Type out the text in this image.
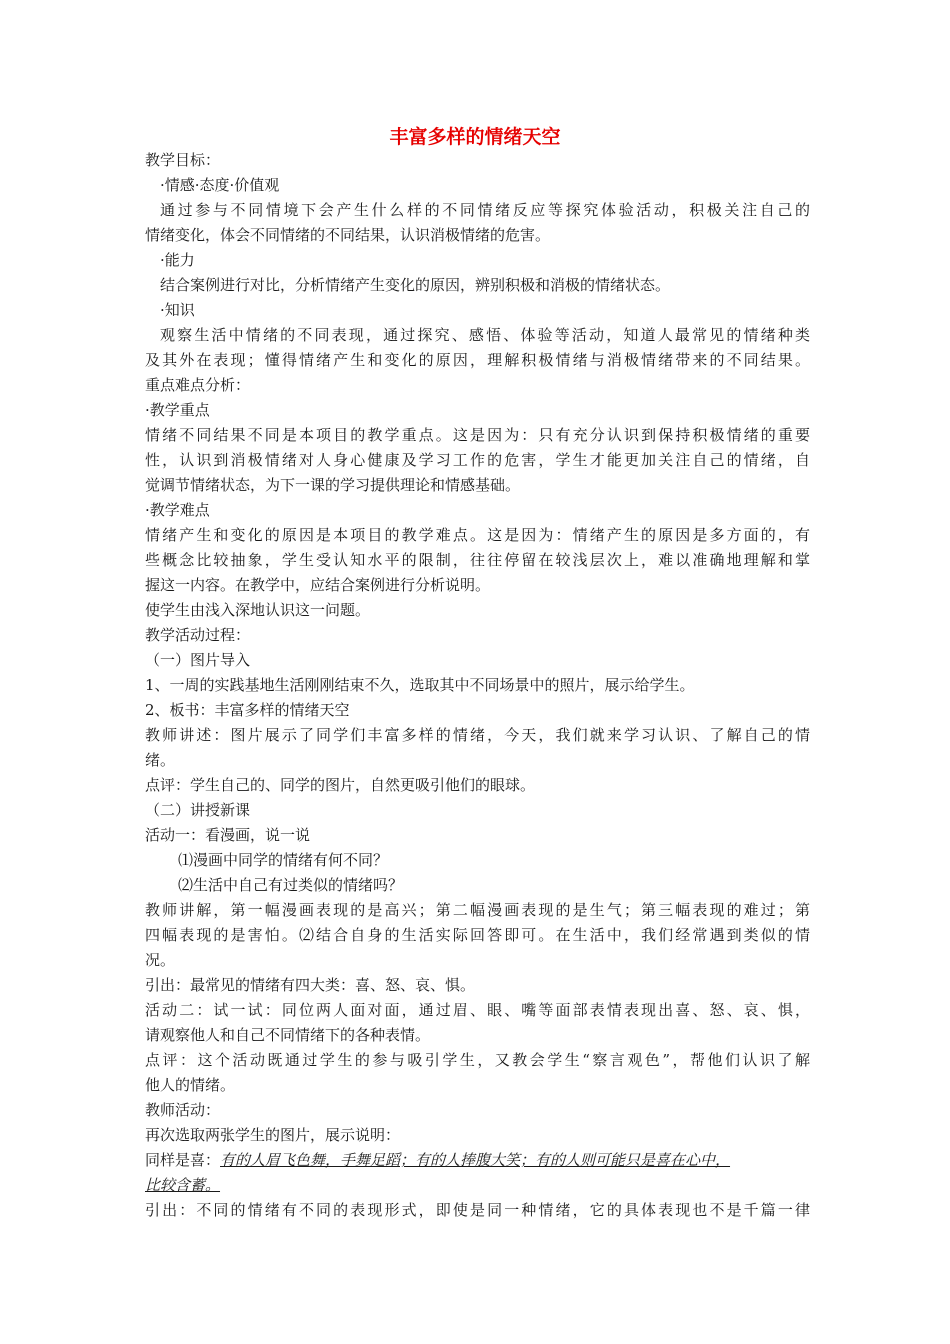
丰富多样的情绪天空
教学目标：
·情感·态度·价值观
通过参与不同情境下会产生什么样的不同情绪反应等探究体验活动，积极关注自己的
情绪变化，体会不同情绪的不同结果，认识消极情绪的危害。
·能力
结合案例进行对比，分析情绪产生变化的原因，辨别积极和消极的情绪状态。
·知识
观察生活中情绪的不同表现，通过探究、感悟、体验等活动，知道人最常见的情绪种类
及其外在表现；懂得情绪产生和变化的原因，理解积极情绪与消极情绪带来的不同结果。
重点难点分析：
·教学重点
情绪不同结果不同是本项目的教学重点。这是因为：只有充分认识到保持积极情绪的重要
性，认识到消极情绪对人身心健康及学习工作的危害，学生才能更加关注自己的情绪，自
觉调节情绪状态，为下一课的学习提供理论和情感基础。
·教学难点
情绪产生和变化的原因是本项目的教学难点。这是因为：情绪产生的原因是多方面的，有
些概念比较抽象，学生受认知水平的限制，往往停留在较浅层次上，难以准确地理解和掌
握这一内容。在教学中，应结合案例进行分析说明。
使学生由浅入深地认识这一问题。
教学活动过程：
（一）图片导入
1、一周的实践基地生活刚刚结束不久，选取其中不同场景中的照片，展示给学生。
2、板书：丰富多样的情绪天空
教师讲述：图片展示了同学们丰富多样的情绪，今天，我们就来学习认识、了解自己的情
绪。
点评：学生自己的、同学的图片，自然更吸引他们的眼球。
（二）讲授新课
活动一：看漫画，说一说
⑴漫画中同学的情绪有何不同？
⑵生活中自己有过类似的情绪吗？
教师讲解，第一幅漫画表现的是高兴；第二幅漫画表现的是生气；第三幅表现的难过；第
四幅表现的是害怕。⑵结合自身的生活实际回答即可。在生活中，我们经常遇到类似的情
况。
引出：最常见的情绪有四大类：喜、怒、哀、惧。
活动二：试一试：同位两人面对面，通过眉、眼、嘴等面部表情表现出喜、怒、哀、惧，
请观察他人和自己不同情绪下的各种表情。
点评：这个活动既通过学生的参与吸引学生，又教会学生“察言观色”，帮他们认识了解
他人的情绪。
教师活动：
再次选取两张学生的图片，展示说明：
同样是喜：有的人眉飞色舞，手舞足蹈；有的人捧腹大笑；有的人则可能只是喜在心中，
比较含蓄。
引出：不同的情绪有不同的表现形式，即使是同一种情绪，它的具体表现也不是千篇一律
